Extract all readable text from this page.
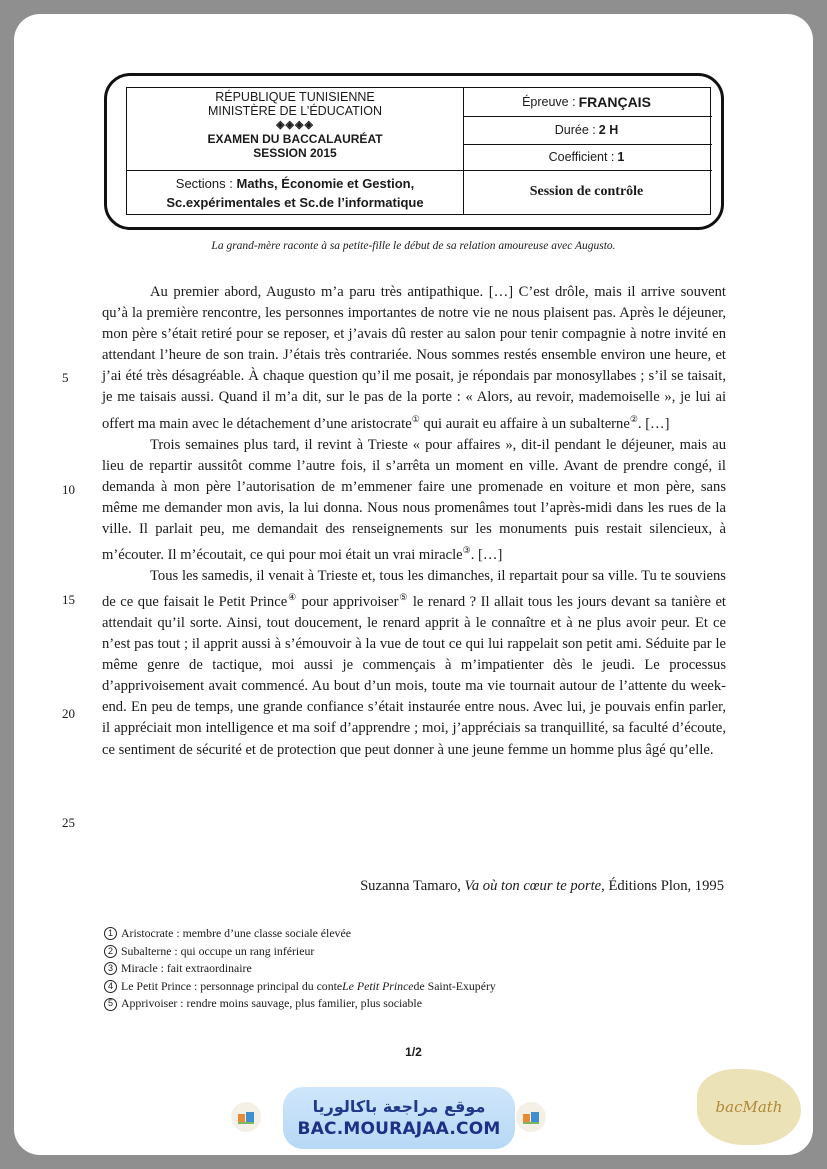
RÉPUBLIQUE TUNISIENNE
MINISTÈRE DE L’ÉDUCATION
◈◈◈◈
EXAMEN DU BACCALAURÉAT
SESSION 2015
Sections : Maths, Économie et Gestion,
Sc.expérimentales et Sc.de l’informatique
Épreuve : FRANÇAIS
Durée : 2 H
Coefficient : 1
Session de contrôle
La grand-mère raconte à sa petite-fille le début de sa relation amoureuse avec Augusto.
5
10
15
20
25

Au premier abord, Augusto m’a paru très antipathique. […] C’est drôle, mais il arrive souvent qu’à la première rencontre, les personnes importantes de notre vie ne nous plaisent pas. Après le déjeuner, mon père s’était retiré pour se reposer, et j’avais dû rester au salon pour tenir compagnie à notre invité en attendant l’heure de son train. J’étais très contrariée. Nous sommes restés ensemble environ une heure, et j’ai été très désagréable. À chaque question qu’il me posait, je répondais par monosyllabes ; s’il se taisait, je me taisais aussi. Quand il m’a dit, sur le pas de la porte : « Alors, au revoir, mademoiselle », je lui ai offert ma main avec le détachement d’une aristocrate① qui aurait eu affaire à un subalterne②. […]

Trois semaines plus tard, il revint à Trieste « pour affaires », dit-il pendant le déjeuner, mais au lieu de repartir aussitôt comme l’autre fois, il s’arrêta un moment en ville. Avant de prendre congé, il demanda à mon père l’autorisation de m’emmener faire une promenade en voiture et mon père, sans même me demander mon avis, la lui donna. Nous nous promenâmes tout l’après-midi dans les rues de la ville. Il parlait peu, me demandait des renseignements sur les monuments puis restait silencieux, à m’écouter. Il m’écoutait, ce qui pour moi était un vrai miracle③. […]

Tous les samedis, il venait à Trieste et, tous les dimanches, il repartait pour sa ville. Tu te souviens de ce que faisait le Petit Prince④ pour apprivoiser⑤ le renard ? Il allait tous les jours devant sa tanière et attendait qu’il sorte. Ainsi, tout doucement, le renard apprit à le connaître et à ne plus avoir peur. Et ce n’est pas tout ; il apprit aussi à s’émouvoir à la vue de tout ce qui lui rappelait son petit ami. Séduite par le même genre de tactique, moi aussi je commençais à m’impatienter dès le jeudi. Le processus d’apprivoisement avait commencé. Au bout d’un mois, toute ma vie tournait autour de l’attente du week-end. En peu de temps, une grande confiance s’était instaurée entre nous. Avec lui, je pouvais enfin parler, il appréciait mon intelligence et ma soif d’apprendre ; moi, j’appréciais sa tranquillité, sa faculté d’écoute, ce sentiment de sécurité et de protection que peut donner à une jeune femme un homme plus âgé qu’elle.

Suzanna Tamaro, Va où ton cœur te porte, Éditions Plon, 1995
1 Aristocrate : membre d’une classe sociale élevée
2 Subalterne : qui occupe un rang inférieur
3 Miracle : fait extraordinaire
4 Le Petit Prince : personnage principal du conte Le Petit Prince de Saint-Exupéry
5 Apprivoiser : rendre moins sauvage, plus familier, plus sociable
1/2
موقع مراجعة باكالوريا
BAC.MOURAJAA.COM
bacMath
